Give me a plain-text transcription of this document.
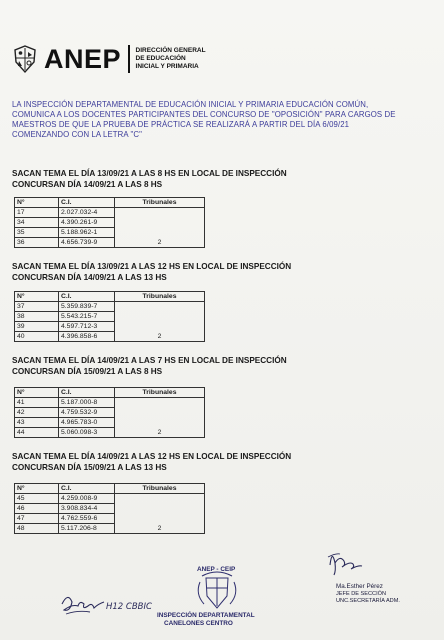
ANEP DIRECCIÓN GENERAL
DE EDUCACIÓN
INICIAL Y PRIMARIA

LA INSPECCIÓN DEPARTAMENTAL DE EDUCACIÓN INICIAL Y PRIMARIA EDUCACIÓN COMÚN,

COMUNICA A LOS DOCENTES PARTICIPANTES DEL CONCURSO DE "OPOSICIÓN" PARA CARGOS DE

MAESTROS DE QUE LA PRUEBA DE PRÁCTICA SE REALIZARÁ A PARTIR DEL DÍA 6/09/21

COMENZANDO CON LA LETRA "C"

SACAN TEMA EL DÍA 13/09/21 A LAS 8 HS EN LOCAL DE INSPECCIÓN
CONCURSAN DÍA 14/09/21 A LAS 8 HS
N°	C.I.	Tribunales
17	2.027.032-4	2
34	4.390.261-9	
35	5.188.962-1	
36	4.656.739-9	
SACAN TEMA EL DÍA 13/09/21 A LAS 12 HS EN LOCAL DE INSPECCIÓN
CONCURSAN DÍA 14/09/21 A LAS 13 HS
N°	C.I.	Tribunales
37	5.359.839-7	2
38	5.543.215-7	
39	4.597.712-3	
40	4.396.858-6	
SACAN TEMA EL DÍA 14/09/21 A LAS 7 HS EN LOCAL DE INSPECCIÓN
CONCURSAN DÍA 15/09/21 A LAS 8 HS
N°	C.I.	Tribunales
41	5.187.000-8	2
42	4.759.532-9	
43	4.965.783-0	
44	5.060.098-3	
SACAN TEMA EL DÍA 14/09/21 A LAS 12 HS EN LOCAL DE INSPECCIÓN
CONCURSAN DÍA 15/09/21 A LAS 13 HS
N°	C.I.	Tribunales
45	4.259.008-9	2
46	3.908.834-4	
47	4.762.559-6	
48	5.117.206-8	
Ma.Esther Pérez
JEFE DE SECCIÓN
UNC.SECRETARÍA ADM.
ANEP - CEIP
INSPECCIÓN DEPARTAMENTAL
CANELONES CENTRO
H12 CBBIC
